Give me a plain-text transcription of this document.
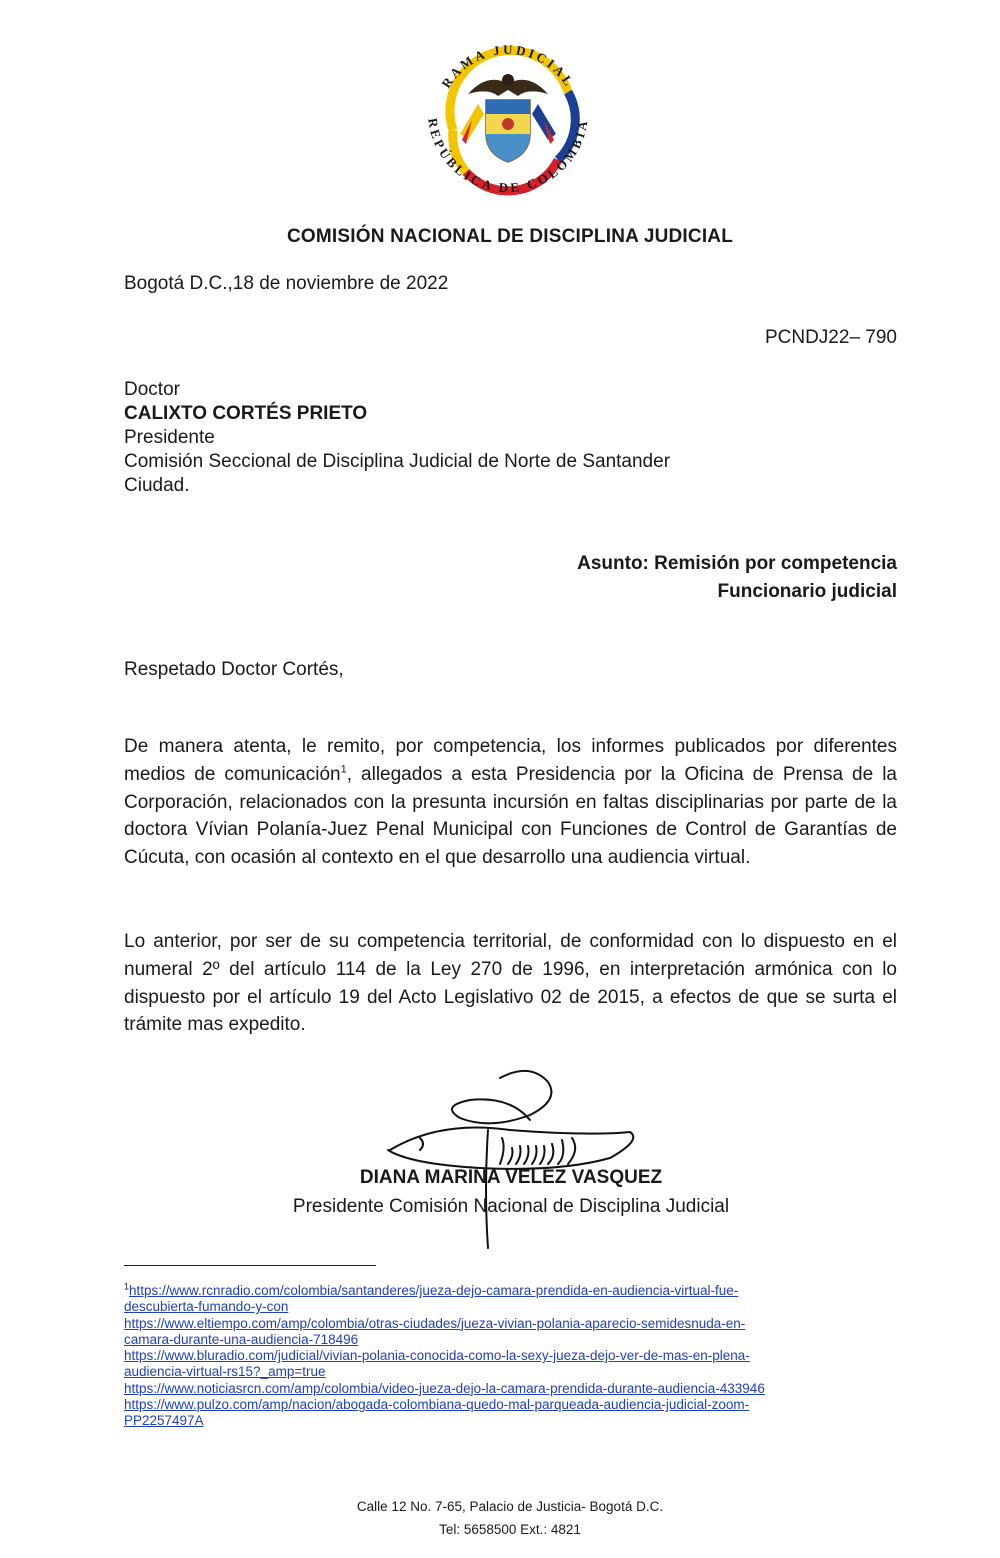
RAMA JUDICIAL
REPÚBLICA DE COLOMBIA
COMISIÓN NACIONAL DE DISCIPLINA JUDICIAL
Bogotá D.C.,18 de noviembre de 2022
PCNDJ22– 790
Doctor
CALIXTO CORTÉS PRIETO
Presidente
Comisión Seccional de Disciplina Judicial de Norte de Santander
Ciudad.
Asunto: Remisión por competencia
Funcionario judicial
Respetado Doctor Cortés,
De manera atenta, le remito, por competencia, los informes publicados por diferentes medios de comunicación$^1$, allegados a esta Presidencia por la Oficina de Prensa de la Corporación, relacionados con la presunta incursión en faltas disciplinarias por parte de la doctora Vívian Polanía-Juez Penal Municipal con Funciones de Control de Garantías de Cúcuta, con ocasión al contexto en el que desarrollo una audiencia virtual.
Lo anterior, por ser de su competencia territorial, de conformidad con lo dispuesto en el numeral 2º del artículo 114 de la Ley 270 de 1996, en interpretación armónica con lo dispuesto por el artículo 19 del Acto Legislativo 02 de 2015, a efectos de que se surta el trámite mas expedito.
DIANA MARINA VELEZ VASQUEZ
Presidente Comisión Nacional de Disciplina Judicial
$^1$https://www.rcnradio.com/colombia/santanderes/jueza-dejo-camara-prendida-en-audiencia-virtual-fue-
descubierta-fumando-y-con
https://www.eltiempo.com/amp/colombia/otras-ciudades/jueza-vivian-polania-aparecio-semidesnuda-en-
camara-durante-una-audiencia-718496
https://www.bluradio.com/judicial/vivian-polania-conocida-como-la-sexy-jueza-dejo-ver-de-mas-en-plena-
audiencia-virtual-rs15?_amp=true
https://www.noticiasrcn.com/amp/colombia/video-jueza-dejo-la-camara-prendida-durante-audiencia-433946
https://www.pulzo.com/amp/nacion/abogada-colombiana-quedo-mal-parqueada-audiencia-judicial-zoom-
PP2257497A
Calle 12 No. 7-65, Palacio de Justicia- Bogotá D.C.
Tel: 5658500 Ext.: 4821
